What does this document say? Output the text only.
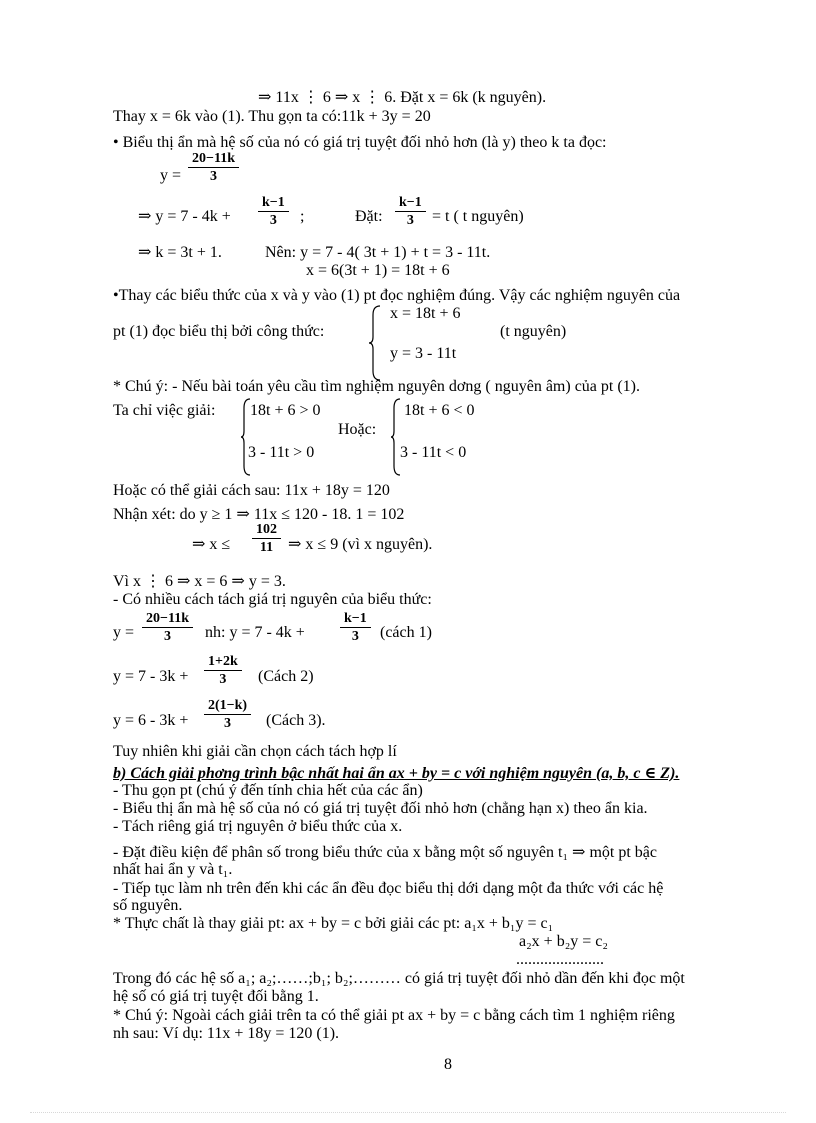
⇒ 11x ⋮ 6 ⇒ x ⋮ 6. Đặt x = 6k (k nguyên).
Thay x = 6k vào (1). Thu gọn ta có:11k + 3y = 20
• Biểu thị ẩn mà hệ số của nó có giá trị tuyệt đối nhỏ hơn (là y) theo k ta đọc:
$y = \frac{20-11k}{3}$
⇒ $y = 7 - 4k + \frac{k-1}{3}$ ;	Đặt: $\frac{k-1}{3} = t$ ( t nguyên)
⇒ k = 3t + 1.	Nên: y = 7 - 4( 3t + 1) + t = 3 - 11t.
x = 6(3t + 1) = 18t + 6
•Thay các biểu thức của x và y vào (1) pt đọc nghiệm đúng. Vậy các nghiệm nguyên của
pt (1) đọc biểu thị bởi công thức:
x = 18t + 6
y = 3 - 11t
(t nguyên)
* Chú ý: - Nếu bài toán yêu cầu tìm nghiệm nguyên dơng ( nguyên âm) của pt (1).
Ta chỉ việc giải: 18t + 6 > 0
Hoặc:
3 - 11t > 0
18t + 6 < 0
3 - 11t < 0
Hoặc có thể giải cách sau: 11x + 18y = 120
Nhận xét: do y ≥ 1 ⇒ 11x ≤ 120 - 18. 1 = 102
⇒ $x \le \frac{102}{11}$ ⇒ x ≤ 9 (vì x nguyên).
Vì x ⋮ 6 ⇒ x = 6 ⇒ y = 3.
- Có nhiều cách tách giá trị nguyên của biểu thức:
$y = \frac{20-11k}{3}$ nh: y = 7 - 4k +	$\frac{k-1}{3}$ (cách 1)
$y = 7 - 3k + \frac{1+2k}{3}$ (Cách 2)
$y = 6 - 3k + \frac{2(1-k)}{3}$ (Cách 3).
Tuy nhiên khi giải cần chọn cách tách hợp lí
b) Cách giải phơng trình bậc nhất hai ẩn ax + by = c với nghiệm nguyên (a, b, c ∈ Z).
- Thu gọn pt (chú ý đến tính chia hết của các ẩn)
- Biểu thị ẩn mà hệ số của nó có giá trị tuyệt đối nhỏ hơn (chẳng hạn x) theo ẩn kia.
- Tách riêng giá trị nguyên ở biểu thức của x.
- Đặt điều kiện để phân số trong biểu thức của x bằng một số nguyên t₁ ⇒ một pt bậc
nhất hai ẩn y và t₁.
- Tiếp tục làm nh trên đến khi các ẩn đều đọc biểu thị dới dạng một đa thức với các hệ
số nguyên.
* Thực chất là thay giải pt: ax + by = c bởi giải các pt: a₁x + b₁y = c₁
a₂x + b₂y = c₂
......................
Trong đó các hệ số a₁; a₂;……;b₁; b₂;……… có giá trị tuyệt đối nhỏ dần đến khi đọc một
hệ số có giá trị tuyệt đối bằng 1.
* Chú ý: Ngoài cách giải trên ta có thể giải pt ax + by = c bằng cách tìm 1 nghiệm riêng
nh sau: Ví dụ: 11x + 18y = 120 (1).
8
